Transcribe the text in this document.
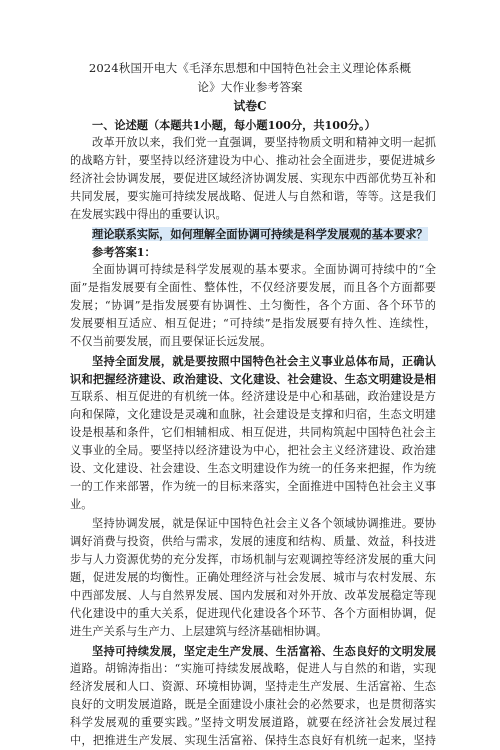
2024秋国开电大《毛泽东思想和中国特色社会主义理论体系概
论》大作业参考答案
试卷C
一、论述题（本题共1小题，每小题100分，共100分。）
改革开放以来，我们党一直强调，要坚持物质文明和精神文明一起抓
的战略方针，要坚持以经济建设为中心、推动社会全面进步，要促进城乡
经济社会协调发展，要促进区域经济协调发展、实现东中西部优势互补和
共同发展，要实施可持续发展战略、促进人与自然和谐，等等。这是我们
在发展实践中得出的重要认识。
理论联系实际，如何理解全面协调可持续是科学发展观的基本要求？
参考答案1：
全面协调可持续是科学发展观的基本要求。全面协调可持续中的“全
面”是指发展要有全面性、整体性，不仅经济要发展，而且各个方面都要
发展；“协调”是指发展要有协调性、土匀衡性，各个方面、各个环节的
发展要相互适应、相互促进；“可持续”是指发展要有持久性、连续性，
不仅当前要发展，而且要保证长远发展。
坚持全面发展，就是要按照中国特色社会主义事业总体布局，正确认
识和把握经济建设、政治建设、文化建设、社会建设、生态文明建设是相
互联系、相互促进的有机统一体。经济建设是中心和基础，政治建设是方
向和保障，文化建设是灵魂和血脉，社会建设是支撑和归宿，生态文明建
设是根基和条件，它们相辅相成、相互促进，共同构筑起中国特色社会主
义事业的全局。要坚持以经济建设为中心，把社会主义经济建设、政治建
设、文化建设、社会建设、生态文明建设作为统一的任务来把握，作为统
一的工作来部署，作为统一的目标来落实，全面推进中国特色社会主义事
业。
坚持协调发展，就是保证中国特色社会主义各个领域协调推进。要协
调好消费与投资，供给与需求，发展的速度和结构、质量、效益，科技进
步与人力资源优势的充分发挥，市场机制与宏观调控等经济发展的重大问
题，促进发展的均衡性。正确处理经济与社会发展、城市与农村发展、东
中西部发展、人与自然界发展、国内发展和对外开放、改革发展稳定等现
代化建设中的重大关系，促进现代化建设各个环节、各个方面相协调，促
进生产关系与生产力、上层建筑与经济基础相协调。
坚持可持续发展，坚定走生产发展、生活富裕、生态良好的文明发展
道路。胡锦涛指出：“实施可持续发展战略，促进人与自然的和谐，实现
经济发展和人口、资源、环境相协调，坚持走生产发展、生活富裕、生态
良好的文明发展道路，既是全面建设小康社会的必然要求，也是贯彻落实
科学发展观的重要实践。”坚持文明发展道路，就要在经济社会发展过程
中，把推进生产发展、实现生活富裕、保持生态良好有机统一起来，坚持
